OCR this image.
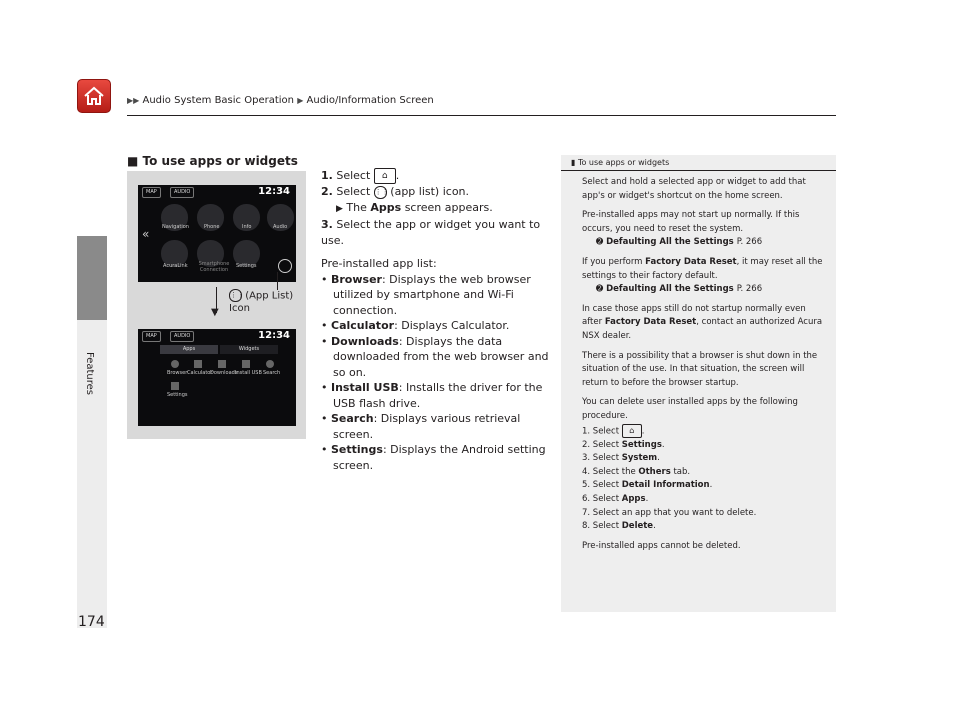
▶▶ Audio System Basic Operation ▶ Audio/Information Screen
Features
174
■ To use apps or widgets
MAP	AUDIO	12:34
Navigation	Phone	Info	Audio
AcuraLink	Smartphone Connection
Settings
«
MAP	AUDIO	12:34
Apps	Widgets
Browser Calculator
Downloads
Install USB Search
Settings
▼
⋮⋮ (App List)
Icon
1. Select ⌂ .
2. Select ⋮⋮ (app list) icon.
▶ The Apps screen appears.
3. Select the app or widget you want to use.
Pre-installed app list:
• Browser: Displays the web browser utilized by smartphone and Wi-Fi connection.
• Calculator: Displays Calculator.
• Downloads: Displays the data downloaded from the web browser and so on.
• Install USB: Installs the driver for the USB flash drive.
• Search: Displays various retrieval screen.
• Settings: Displays the Android setting screen.
▮ To use apps or widgets

Select and hold a selected app or widget to add that app's or widget's shortcut on the home screen.

Pre-installed apps may not start up normally. If this occurs, you need to reset the system.

➋ Defaulting All the Settings P. 266

If you perform Factory Data Reset, it may reset all the settings to their factory default.

➋ Defaulting All the Settings P. 266

In case those apps still do not startup normally even after Factory Data Reset, contact an authorized Acura NSX dealer.

There is a possibility that a browser is shut down in the situation of the use. In that situation, the screen will return to before the browser startup.

You can delete user installed apps by the following procedure.

1. Select ⌂ .

2. Select Settings.

3. Select System.

4. Select the Others tab.

5. Select Detail Information.

6. Select Apps.

7. Select an app that you want to delete.

8. Select Delete.

Pre-installed apps cannot be deleted.
